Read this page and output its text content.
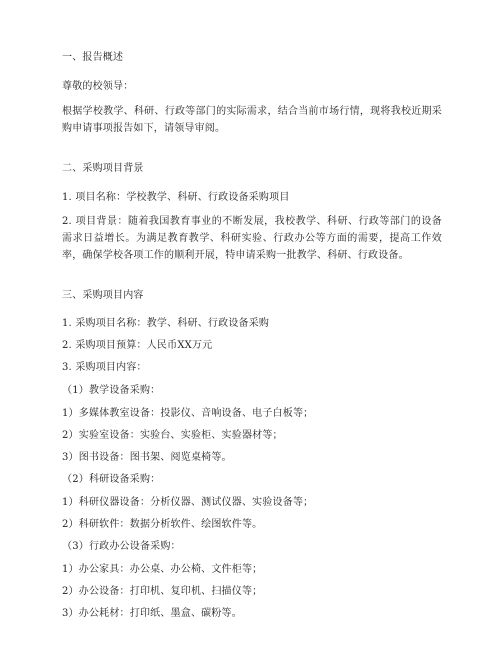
一、报告概述

尊敬的校领导：

根据学校教学、科研、行政等部门的实际需求，结合当前市场行情，现将我校近期采购申请事项报告如下，请领导审阅。

二、采购项目背景

1. 项目名称：学校教学、科研、行政设备采购项目

2. 项目背景：随着我国教育事业的不断发展，我校教学、科研、行政等部门的设备需求日益增长。为满足教育教学、科研实验、行政办公等方面的需要，提高工作效率，确保学校各项工作的顺利开展，特申请采购一批教学、科研、行政设备。

三、采购项目内容

1. 采购项目名称：教学、科研、行政设备采购

2. 采购项目预算：人民币XX万元

3. 采购项目内容：

（1）教学设备采购：

1）多媒体教室设备：投影仪、音响设备、电子白板等；

2）实验室设备：实验台、实验柜、实验器材等；

3）图书设备：图书架、阅览桌椅等。

（2）科研设备采购：

1）科研仪器设备：分析仪器、测试仪器、实验设备等；

2）科研软件：数据分析软件、绘图软件等。

（3）行政办公设备采购：

1）办公家具：办公桌、办公椅、文件柜等；

2）办公设备：打印机、复印机、扫描仪等；

3）办公耗材：打印纸、墨盒、碳粉等。
